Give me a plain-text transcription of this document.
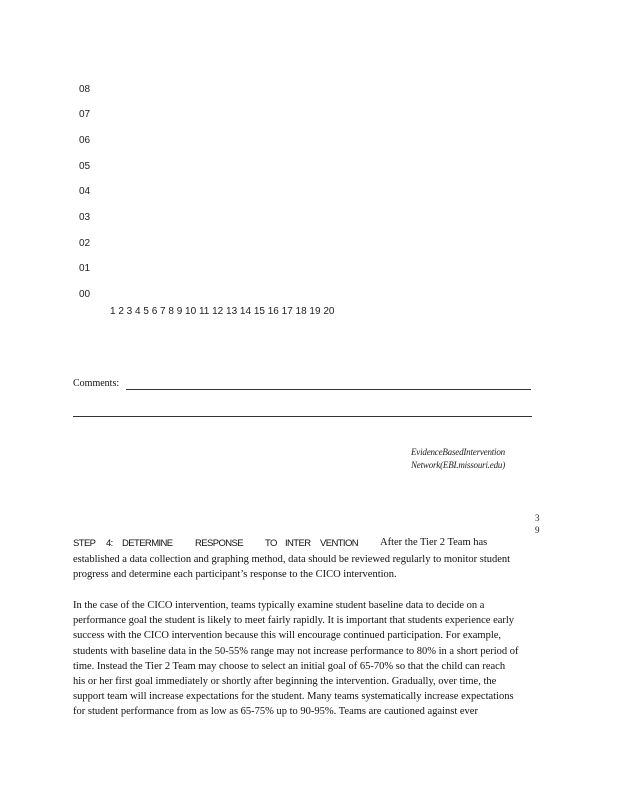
08
07
06
05
04
03
02
01
00
1 2 3 4 5 6 7 8 9 10 11 12 13 14 15 16 17 18 19 20
Comments:
EvidenceBasedIntervention
Network(EBI.missouri.edu)
3
9
STEP 4: DETERMINE RESPONSE TO INTER VENTION After the Tier 2 Team has
established a data collection and graphing method, data should be reviewed regularly to monitor student
progress and determine each participant’s response to the CICO intervention.
In the case of the CICO intervention, teams typically examine student baseline data to decide on a
performance goal the student is likely to meet fairly rapidly. It is important that students experience early
success with the CICO intervention because this will encourage continued participation. For example,
students with baseline data in the 50-55% range may not increase performance to 80% in a short period of
time. Instead the Tier 2 Team may choose to select an initial goal of 65-70% so that the child can reach
his or her first goal immediately or shortly after beginning the intervention. Gradually, over time, the
support team will increase expectations for the student. Many teams systematically increase expectations
for student performance from as low as 65-75% up to 90-95%. Teams are cautioned against ever
